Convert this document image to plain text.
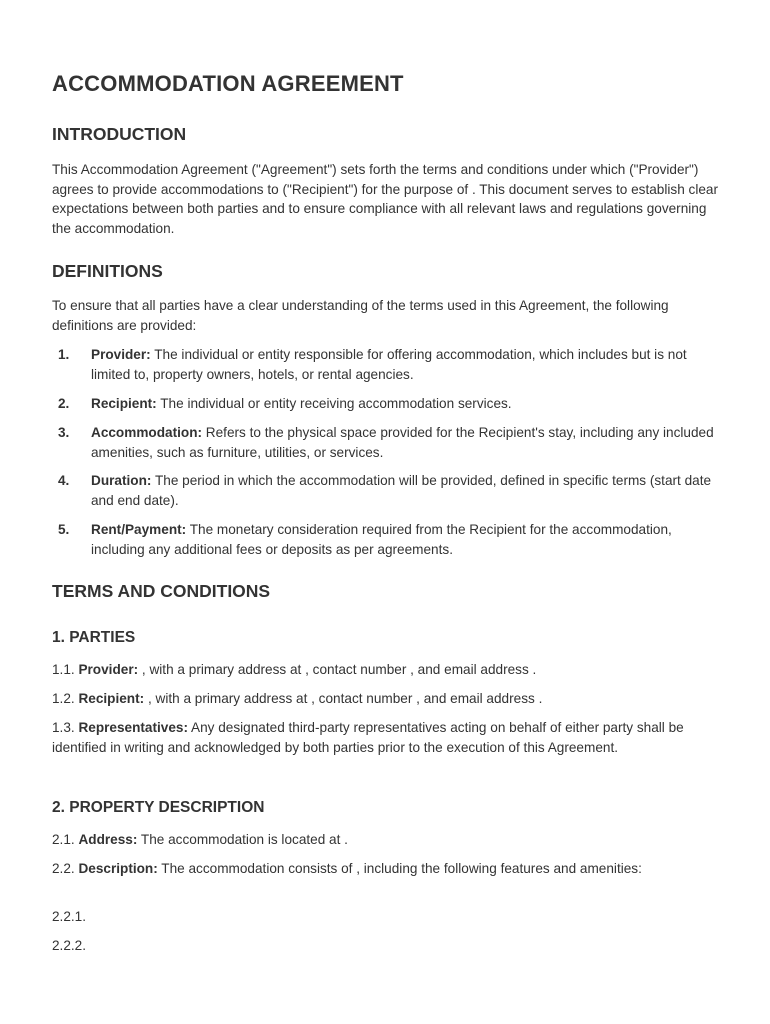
ACCOMMODATION AGREEMENT
INTRODUCTION

This Accommodation Agreement ("Agreement") sets forth the terms and conditions under which ("Provider") agrees to provide accommodations to ("Recipient") for the purpose of . This document serves to establish clear expectations between both parties and to ensure compliance with all relevant laws and regulations governing the accommodation.

DEFINITIONS

To ensure that all parties have a clear understanding of the terms used in this Agreement, the following definitions are provided:

1. Provider: The individual or entity responsible for offering accommodation, which includes but is not limited to, property owners, hotels, or rental agencies.
2. Recipient: The individual or entity receiving accommodation services.
3. Accommodation: Refers to the physical space provided for the Recipient's stay, including any included amenities, such as furniture, utilities, or services.
4. Duration: The period in which the accommodation will be provided, defined in specific terms (start date and end date).
5. Rent/Payment: The monetary consideration required from the Recipient for the accommodation, including any additional fees or deposits as per agreements.
TERMS AND CONDITIONS
1. PARTIES

1.1. Provider: , with a primary address at , contact number , and email address .

1.2. Recipient: , with a primary address at , contact number , and email address .

1.3. Representatives: Any designated third-party representatives acting on behalf of either party shall be identified in writing and acknowledged by both parties prior to the execution of this Agreement.

2. PROPERTY DESCRIPTION

2.1. Address: The accommodation is located at .

2.2. Description: The accommodation consists of , including the following features and amenities:

2.2.1.

2.2.2.
